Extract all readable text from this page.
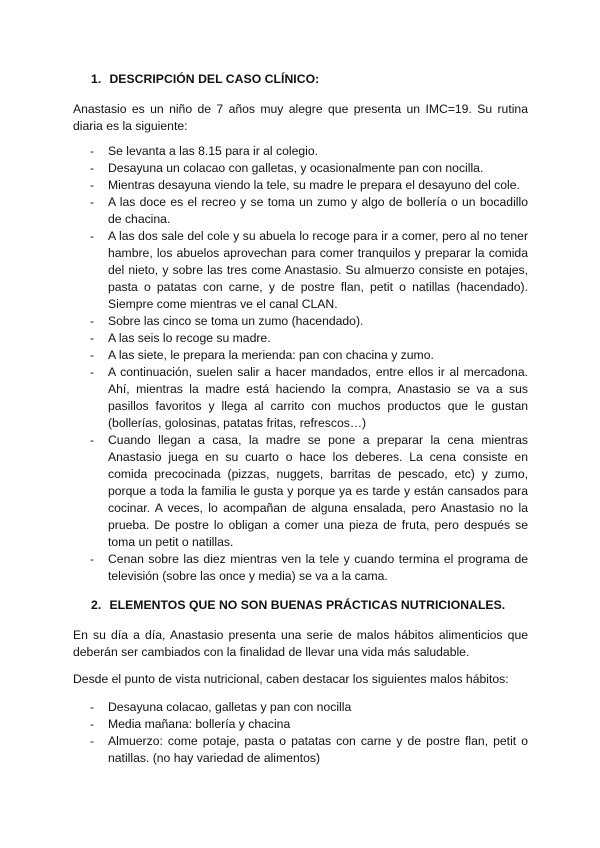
1. DESCRIPCIÓN DEL CASO CLÍNICO:

Anastasio es un niño de 7 años muy alegre que presenta un IMC=19. Su rutina diaria es la siguiente:

- Se levanta a las 8.15 para ir al colegio.
- Desayuna un colacao con galletas, y ocasionalmente pan con nocilla.
- Mientras desayuna viendo la tele, su madre le prepara el desayuno del cole.
- A las doce es el recreo y se toma un zumo y algo de bollería o un bocadillo de chacina.
- A las dos sale del cole y su abuela lo recoge para ir a comer, pero al no tener hambre, los abuelos aprovechan para comer tranquilos y preparar la comida del nieto, y sobre las tres come Anastasio. Su almuerzo consiste en potajes, pasta o patatas con carne, y de postre flan, petit o natillas (hacendado). Siempre come mientras ve el canal CLAN.
- Sobre las cinco se toma un zumo (hacendado).
- A las seis lo recoge su madre.
- A las siete, le prepara la merienda: pan con chacina y zumo.
- A continuación, suelen salir a hacer mandados, entre ellos ir al mercadona. Ahí, mientras la madre está haciendo la compra, Anastasio se va a sus pasillos favoritos y llega al carrito con muchos productos que le gustan (bollerías, golosinas, patatas fritas, refrescos…)
- Cuando llegan a casa, la madre se pone a preparar la cena mientras Anastasio juega en su cuarto o hace los deberes. La cena consiste en comida precocinada (pizzas, nuggets, barritas de pescado, etc) y zumo, porque a toda la familia le gusta y porque ya es tarde y están cansados para cocinar. A veces, lo acompañan de alguna ensalada, pero Anastasio no la prueba. De postre lo obligan a comer una pieza de fruta, pero después se toma un petit o natillas.
- Cenan sobre las diez mientras ven la tele y cuando termina el programa de televisión (sobre las once y media) se va a la cama.
2. ELEMENTOS QUE NO SON BUENAS PRÁCTICAS NUTRICIONALES.

En su día a día, Anastasio presenta una serie de malos hábitos alimenticios que deberán ser cambiados con la finalidad de llevar una vida más saludable.

Desde el punto de vista nutricional, caben destacar los siguientes malos hábitos:

- Desayuna colacao, galletas y pan con nocilla
- Media mañana: bollería y chacina
- Almuerzo: come potaje, pasta o patatas con carne y de postre flan, petit o natillas. (no hay variedad de alimentos)
